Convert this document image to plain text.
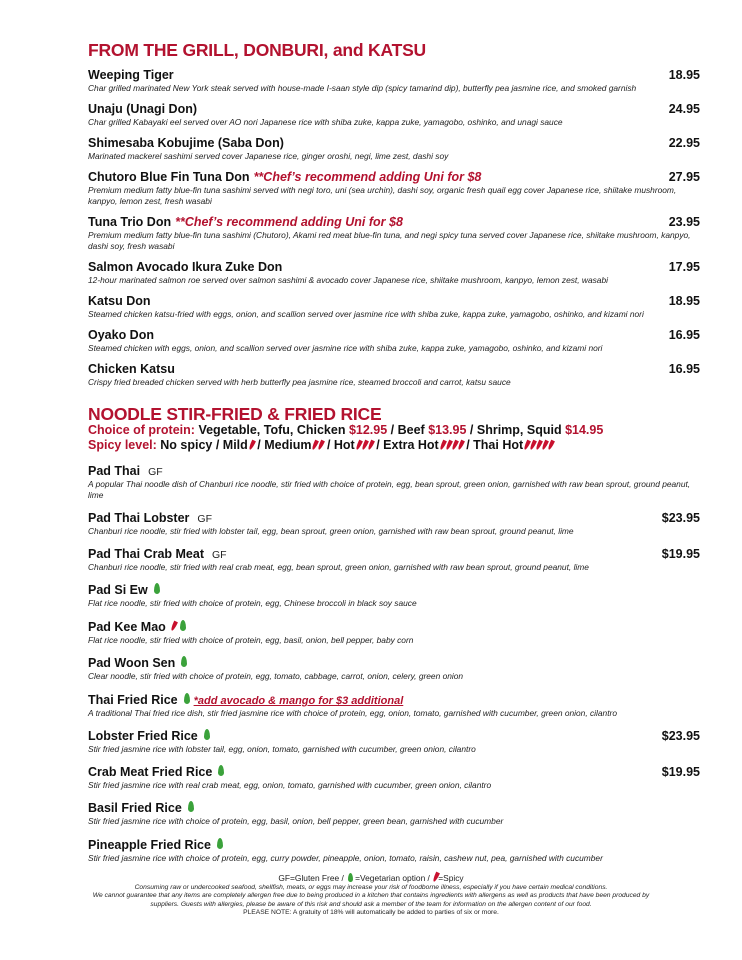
FROM THE GRILL, DONBURI, and KATSU
Weeping Tiger	18.95
Char grilled marinated New York steak served with house-made I-saan style dip (spicy tamarind dip), butterfly pea jasmine rice, and smoked garnish
Unaju (Unagi Don)	24.95
Char grilled Kabayaki eel served over AO nori Japanese rice with shiba zuke, kappa zuke, yamagobo, oshinko, and unagi sauce
Shimesaba Kobujime (Saba Don)	22.95
Marinated mackerel sashimi served cover Japanese rice, ginger oroshi, negi, lime zest, dashi soy
Chutoro Blue Fin Tuna Don **Chef’s recommend adding Uni for $8	27.95
Premium medium fatty blue-fin tuna sashimi served with negi toro, uni (sea urchin), dashi soy, organic fresh quail egg cover Japanese rice, shiitake mushroom, kanpyo, lemon zest, fresh wasabi
Tuna Trio Don **Chef’s recommend adding Uni for $8	23.95
Premium medium fatty blue-fin tuna sashimi (Chutoro), Akami red meat blue-fin tuna, and negi spicy tuna served cover Japanese rice, shiitake mushroom, kanpyo, dashi soy, fresh wasabi
Salmon Avocado Ikura Zuke Don	17.95
12-hour marinated salmon roe served over salmon sashimi & avocado cover Japanese rice, shiitake mushroom, kanpyo, lemon zest, wasabi
Katsu Don	18.95
Steamed chicken katsu-fried with eggs, onion, and scallion served over jasmine rice with shiba zuke, kappa zuke, yamagobo, oshinko, and kizami nori
Oyako Don	16.95
Steamed chicken with eggs, onion, and scallion served over jasmine rice with shiba zuke, kappa zuke, yamagobo, oshinko, and kizami nori
Chicken Katsu	16.95
Crispy fried breaded chicken served with herb butterfly pea jasmine rice, steamed broccoli and carrot, katsu sauce
NOODLE STIR-FRIED & FRIED RICE
Choice of protein: Vegetable, Tofu, Chicken $12.95 / Beef $13.95 / Shrimp, Squid $14.95
Spicy level: No spicy / Mild / Medium / Hot / Extra Hot / Thai Hot
Pad Thai GF
A popular Thai noodle dish of Chanburi rice noodle, stir fried with choice of protein, egg, bean sprout, green onion, garnished with raw bean sprout, ground peanut, lime
Pad Thai Lobster GF	$23.95
Chanburi rice noodle, stir fried with lobster tail, egg, bean sprout, green onion, garnished with raw bean sprout, ground peanut, lime
Pad Thai Crab Meat GF	$19.95
Chanburi rice noodle, stir fried with real crab meat, egg, bean sprout, green onion, garnished with raw bean sprout, ground peanut, lime
Pad Si Ew
Flat rice noodle, stir fried with choice of protein, egg, Chinese broccoli in black soy sauce
Pad Kee Mao
Flat rice noodle, stir fried with choice of protein, egg, basil, onion, bell pepper, baby corn
Pad Woon Sen
Clear noodle, stir fried with choice of protein, egg, tomato, cabbage, carrot, onion, celery, green onion
Thai Fried Rice *add avocado & mango for $3 additional
A traditional Thai fried rice dish, stir fried jasmine rice with choice of protein, egg, onion, tomato, garnished with cucumber, green onion, cilantro
Lobster Fried Rice	$23.95
Stir fried jasmine rice with lobster tail, egg, onion, tomato, garnished with cucumber, green onion, cilantro
Crab Meat Fried Rice	$19.95
Stir fried jasmine rice with real crab meat, egg, onion, tomato, garnished with cucumber, green onion, cilantro
Basil Fried Rice
Stir fried jasmine rice with choice of protein, egg, basil, onion, bell pepper, green bean, garnished with cucumber
Pineapple Fried Rice
Stir fried jasmine rice with choice of protein, egg, curry powder, pineapple, onion, tomato, raisin, cashew nut, pea, garnished with cucumber
GF=Gluten Free / =Vegetarian option / =Spicy

Consuming raw or undercooked seafood, shellfish, meats, or eggs may increase your risk of foodborne illness, especially if you have certain medical conditions.

We cannot guarantee that any items are completely allergen free due to being produced in a kitchen that contains ingredients with allergens as well as products that have been produced by suppliers. Guests with allergies, please be aware of this risk and should ask a member of the team for information on the allergen content of our food.

PLEASE NOTE: A gratuity of 18% will automatically be added to parties of six or more.
